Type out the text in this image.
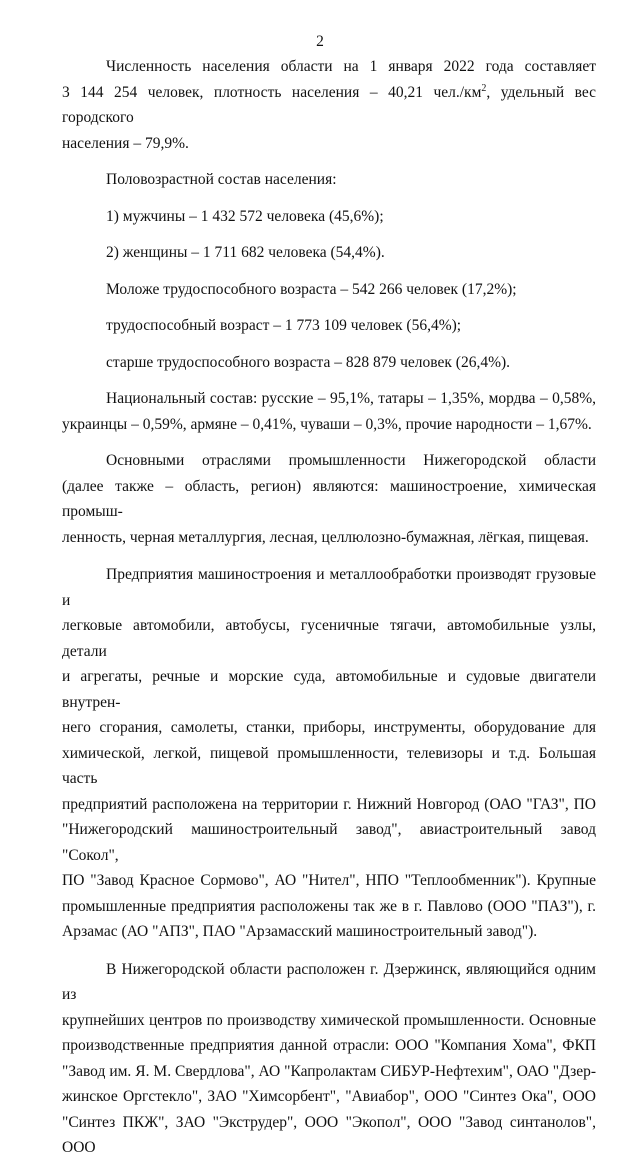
2

Численность населения области на 1 января 2022 года составляет
3 144 254 человек, плотность населения – 40,21 $чел./км^2$, удельный вес городского
населения – 79,9%.

Половозрастной состав населения:

1) мужчины – 1 432 572 человека (45,6%);

2) женщины – 1 711 682 человека (54,4%).

Моложе трудоспособного возраста – 542 266 человек (17,2%);

трудоспособный возраст – 1 773 109 человек (56,4%);

старше трудоспособного возраста – 828 879 человек (26,4%).

Национальный состав: русские – 95,1%, татары – 1,35%, мордва – 0,58%,
украинцы – 0,59%, армяне – 0,41%, чуваши – 0,3%, прочие народности – 1,67%.

Основными отраслями промышленности Нижегородской области
(далее также – область, регион) являются: машиностроение, химическая промыш-
ленность, черная металлургия, лесная, целлюлозно-бумажная, лёгкая, пищевая.

Предприятия машиностроения и металлообработки производят грузовые и
легковые автомобили, автобусы, гусеничные тягачи, автомобильные узлы, детали
и агрегаты, речные и морские суда, автомобильные и судовые двигатели внутрен-
него сгорания, самолеты, станки, приборы, инструменты, оборудование для
химической, легкой, пищевой промышленности, телевизоры и т.д. Большая часть
предприятий расположена на территории г. Нижний Новгород (ОАО "ГАЗ", ПО
"Нижегородский машиностроительный завод", авиастроительный завод "Сокол",
ПО "Завод Красное Сормово", АО "Нител", НПО "Теплообменник"). Крупные
промышленные предприятия расположены так же в г. Павлово (ООО "ПАЗ"), г.
Арзамас (АО "АПЗ", ПАО "Арзамасский машиностроительный завод").

В Нижегородской области расположен г. Дзержинск, являющийся одним из
крупнейших центров по производству химической промышленности. Основные
производственные предприятия данной отрасли: ООО "Компания Хома", ФКП
"Завод им. Я. М. Свердлова", АО "Капролактам СИБУР-Нефтехим", ОАО "Дзер-
жинское Оргстекло", ЗАО "Химсорбент", "Авиабор", ООО "Синтез Ока", ООО
"Синтез ПКЖ", ЗАО "Экструдер", ООО "Экопол", ООО "Завод синтанолов", ООО
